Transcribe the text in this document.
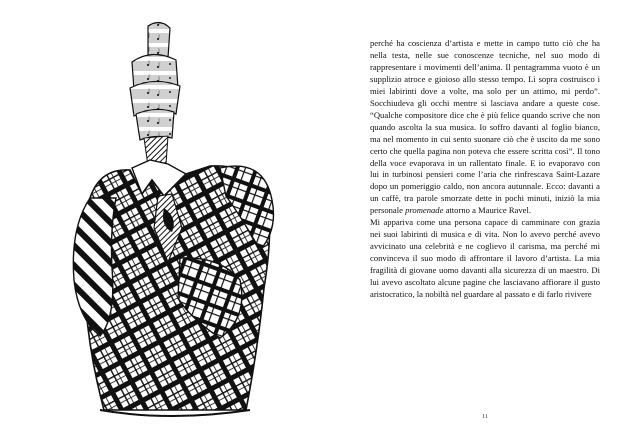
perché ha coscienza d’artista e mette in campo tutto ciò che ha nella testa, nelle sue conoscenze tecniche, nel suo modo di rappresentare i movimenti dell’anima. Il pentagramma vuoto è un supplizio atroce e gioioso allo stesso tempo. Lì sopra costruisco i miei labirinti dove a volte, ma solo per un attimo, mi perdo”. Socchiudeva gli occhi mentre si lasciava andare a queste cose. “Qualche compositore dice che è più felice quando scrive che non quando ascolta la sua musica. Io soffro davanti al foglio bianco, ma nel momento in cui sento suonare ciò che è uscito da me sono certo che quella pagina non poteva che essere scritta così”. Il tono della voce evaporava in un rallentato finale. E io evaporavo con lui in turbinosi pensieri come l’aria che rinfrescava Saint-Lazare dopo un pomeriggio caldo, non ancora autunnale. Ecco: davanti a un caffè, tra parole smorzate dette in pochi minuti, iniziò la mia personale promenade attorno a Maurice Ravel.

Mi appariva come una persona capace di camminare con grazia nei suoi labirinti di musica e di vita. Non lo avevo perché avevo avvicinato una celebrità e ne coglievo il carisma, ma perché mi convinceva il suo modo di affrontare il lavoro d’artista. La mia fragilità di giovane uomo davanti alla sicurezza di un maestro. Di lui avevo ascoltato alcune pagine che lasciavano affiorare il gusto aristocratico, la nobiltà nel guardare al passato e di farlo rivivere

11
